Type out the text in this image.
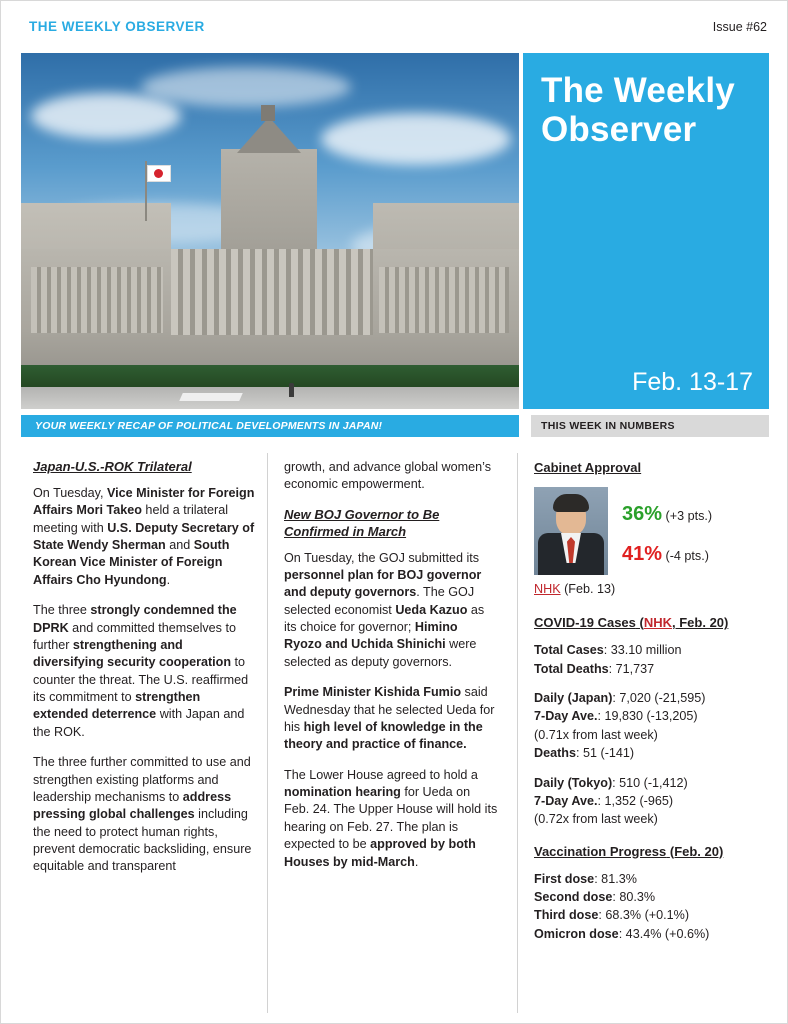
THE WEEKLY OBSERVER	Issue #62
The Weekly Observer
Feb. 13-17
YOUR WEEKLY RECAP OF POLITICAL DEVELOPMENTS IN JAPAN!	THIS WEEK IN NUMBERS
Japan-U.S.-ROK Trilateral

On Tuesday, Vice Minister for Foreign Affairs Mori Takeo held a trilateral meeting with U.S. Deputy Secretary of State Wendy Sherman and South Korean Vice Minister of Foreign Affairs Cho Hyundong.

The three strongly condemned the DPRK and committed themselves to further strengthening and diversifying security cooperation to counter the threat. The U.S. reaffirmed its commitment to strengthen extended deterrence with Japan and the ROK.

The three further committed to use and strengthen existing platforms and leadership mechanisms to address pressing global challenges including the need to protect human rights, prevent democratic backsliding, ensure equitable and transparent

growth, and advance global women’s economic empowerment.

New BOJ Governor to Be Confirmed in March

On Tuesday, the GOJ submitted its personnel plan for BOJ governor and deputy governors. The GOJ selected economist Ueda Kazuo as its choice for governor; Himino Ryozo and Uchida Shinichi were selected as deputy governors.

Prime Minister Kishida Fumio said Wednesday that he selected Ueda for his high level of knowledge in the theory and practice of finance.

The Lower House agreed to hold a nomination hearing for Ueda on Feb. 24. The Upper House will hold its hearing on Feb. 27. The plan is expected to be approved by both Houses by mid-March.

Cabinet Approval

36% (+3 pts.)
41% (-4 pts.)

NHK (Feb. 13)

COVID-19 Cases (NHK, Feb. 20)

Total Cases: 33.10 million

Total Deaths: 71,737

Daily (Japan): 7,020 (-21,595)

7-Day Ave.: 19,830 (-13,205)

(0.71x from last week)

Deaths: 51 (-141)

Daily (Tokyo): 510 (-1,412)

7-Day Ave.: 1,352 (-965)

(0.72x from last week)

Vaccination Progress (Feb. 20)

First dose: 81.3%

Second dose: 80.3%

Third dose: 68.3% (+0.1%)

Omicron dose: 43.4% (+0.6%)
